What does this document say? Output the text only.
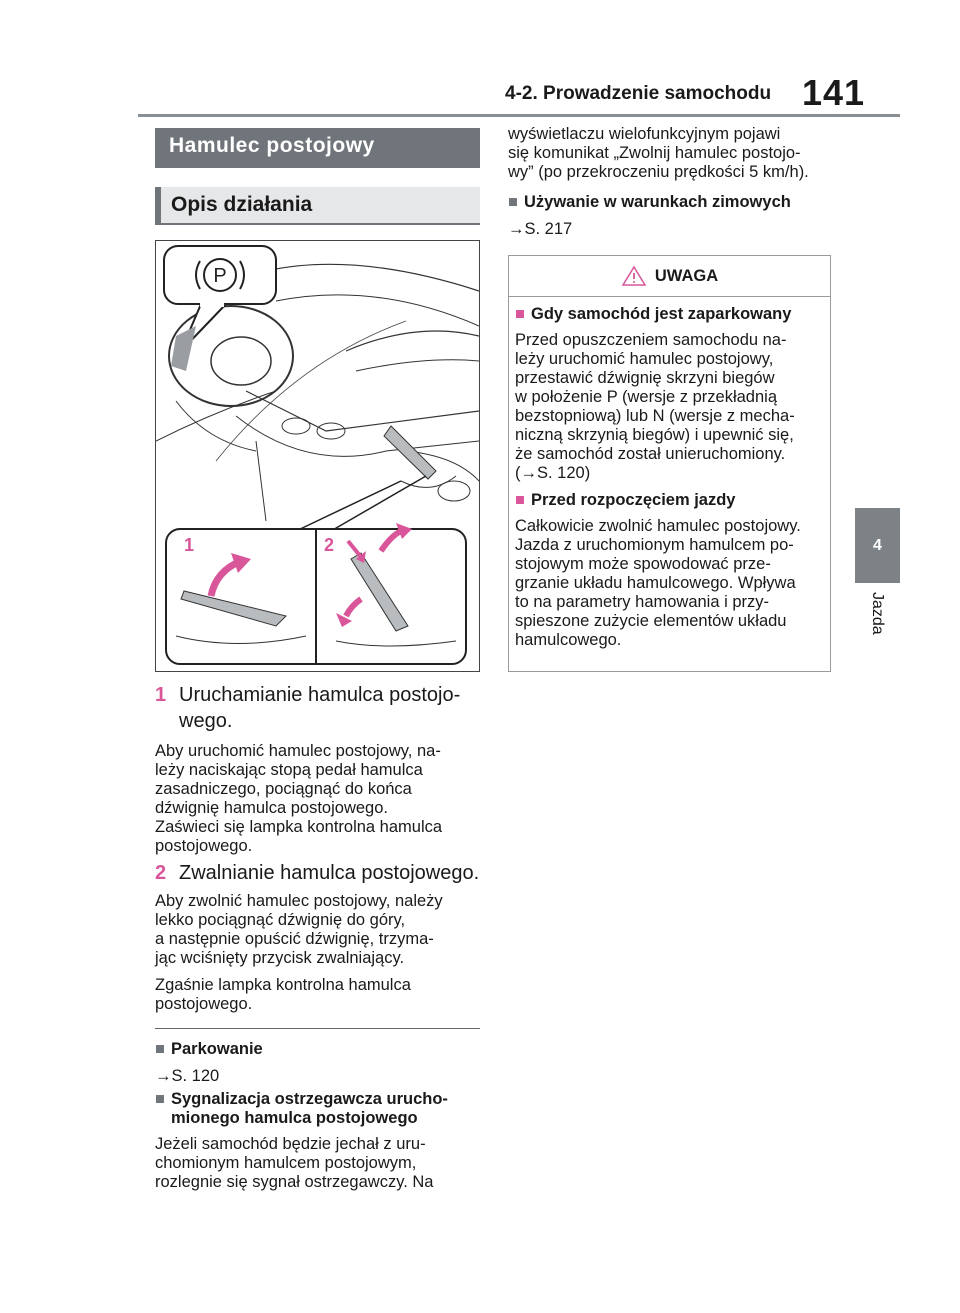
4-2. Prowadzenie samochodu 141
4
Jazda
Hamulec postojowy
Opis działania
P
1	2
1 Uruchamianie hamulca postojo-
wego.
Aby uruchomić hamulec postojowy, na-
leży naciskając stopą pedał hamulca
zasadniczego, pociągnąć do końca
dźwignię hamulca postojowego.
Zaświeci się lampka kontrolna hamulca
postojowego.
2 Zwalnianie hamulca postojowego.
Aby zwolnić hamulec postojowy, należy
lekko pociągnąć dźwignię do góry,
a następnie opuścić dźwignię, trzyma-
jąc wciśnięty przycisk zwalniający.
Zgaśnie lampka kontrolna hamulca
postojowego.
■ Parkowanie
→S. 120
■ Sygnalizacja ostrzegawcza urucho-
mionego hamulca postojowego
Jeżeli samochód będzie jechał z uru-
chomionym hamulcem postojowym,
rozlegnie się sygnał ostrzegawczy. Na
wyświetlaczu wielofunkcyjnym pojawi
się komunikat „Zwolnij hamulec postojo-
wy” (po przekroczeniu prędkości 5 km/h).
■ Używanie w warunkach zimowych
→S. 217
UWAGA
■ Gdy samochód jest zaparkowany
Przed opuszczeniem samochodu na-
leży uruchomić hamulec postojowy,
przestawić dźwignię skrzyni biegów
w położenie P (wersje z przekładnią
bezstopniową) lub N (wersje z mecha-
niczną skrzynią biegów) i upewnić się,
że samochód został unieruchomiony.
(→S. 120)
■ Przed rozpoczęciem jazdy
Całkowicie zwolnić hamulec postojowy.
Jazda z uruchomionym hamulcem po-
stojowym może spowodować prze-
grzanie układu hamulcowego. Wpływa
to na parametry hamowania i przy-
spieszone zużycie elementów układu
hamulcowego.
